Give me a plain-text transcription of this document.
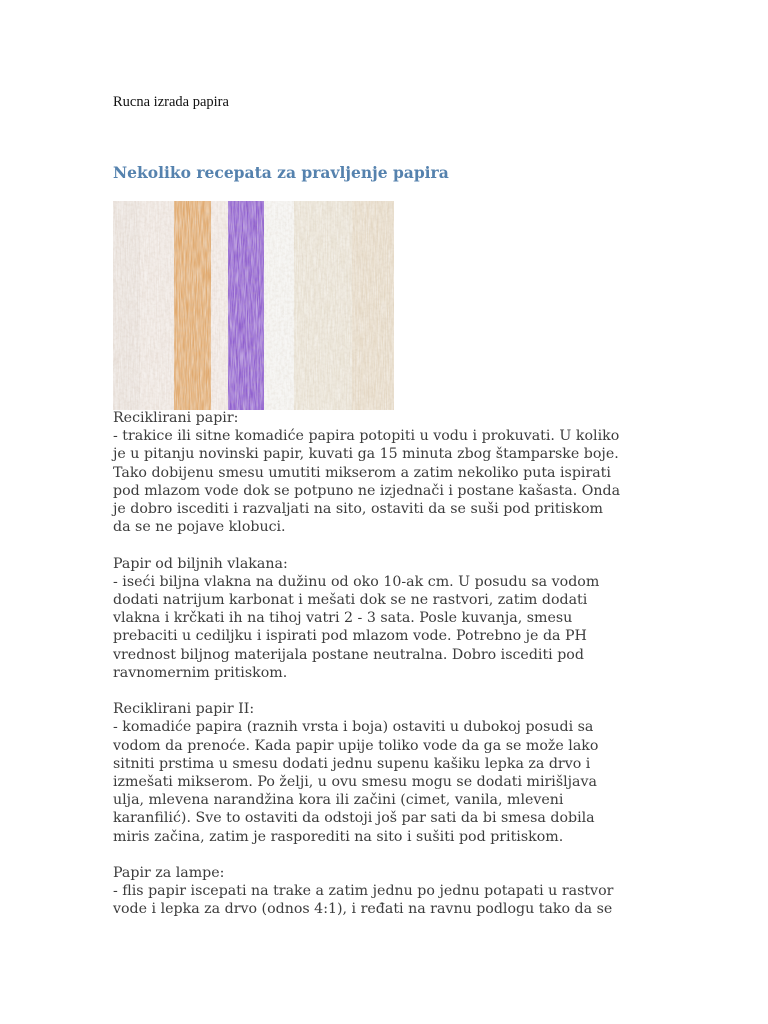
Rucna izrada papira
Nekoliko recepata za pravljenje papira
Reciklirani papir:
- trakice ili sitne komadiće papira potopiti u vodu i prokuvati. U koliko
je u pitanju novinski papir, kuvati ga 15 minuta zbog štamparske boje.
Tako dobijenu smesu umutiti mikserom a zatim nekoliko puta ispirati
pod mlazom vode dok se potpuno ne izjednači i postane kašasta. Onda
je dobro iscediti i razvaljati na sito, ostaviti da se suši pod pritiskom
da se ne pojave klobuci.
Papir od biljnih vlakana:
- iseći biljna vlakna na dužinu od oko 10-ak cm. U posudu sa vodom
dodati natrijum karbonat i mešati dok se ne rastvori, zatim dodati
vlakna i krčkati ih na tihoj vatri 2 - 3 sata. Posle kuvanja, smesu
prebaciti u cediljku i ispirati pod mlazom vode. Potrebno je da PH
vrednost biljnog materijala postane neutralna. Dobro iscediti pod
ravnomernim pritiskom.
Reciklirani papir II:
- komadiće papira (raznih vrsta i boja) ostaviti u dubokoj posudi sa
vodom da prenoće. Kada papir upije toliko vode da ga se može lako
sitniti prstima u smesu dodati jednu supenu kašiku lepka za drvo i
izmešati mikserom. Po želji, u ovu smesu mogu se dodati mirišljava
ulja, mlevena narandžina kora ili začini (cimet, vanila, mleveni
karanfilić). Sve to ostaviti da odstoji još par sati da bi smesa dobila
miris začina, zatim je rasporediti na sito i sušiti pod pritiskom.
Papir za lampe:
- flis papir iscepati na trake a zatim jednu po jednu potapati u rastvor
vode i lepka za drvo (odnos 4:1), i ređati na ravnu podlogu tako da se
